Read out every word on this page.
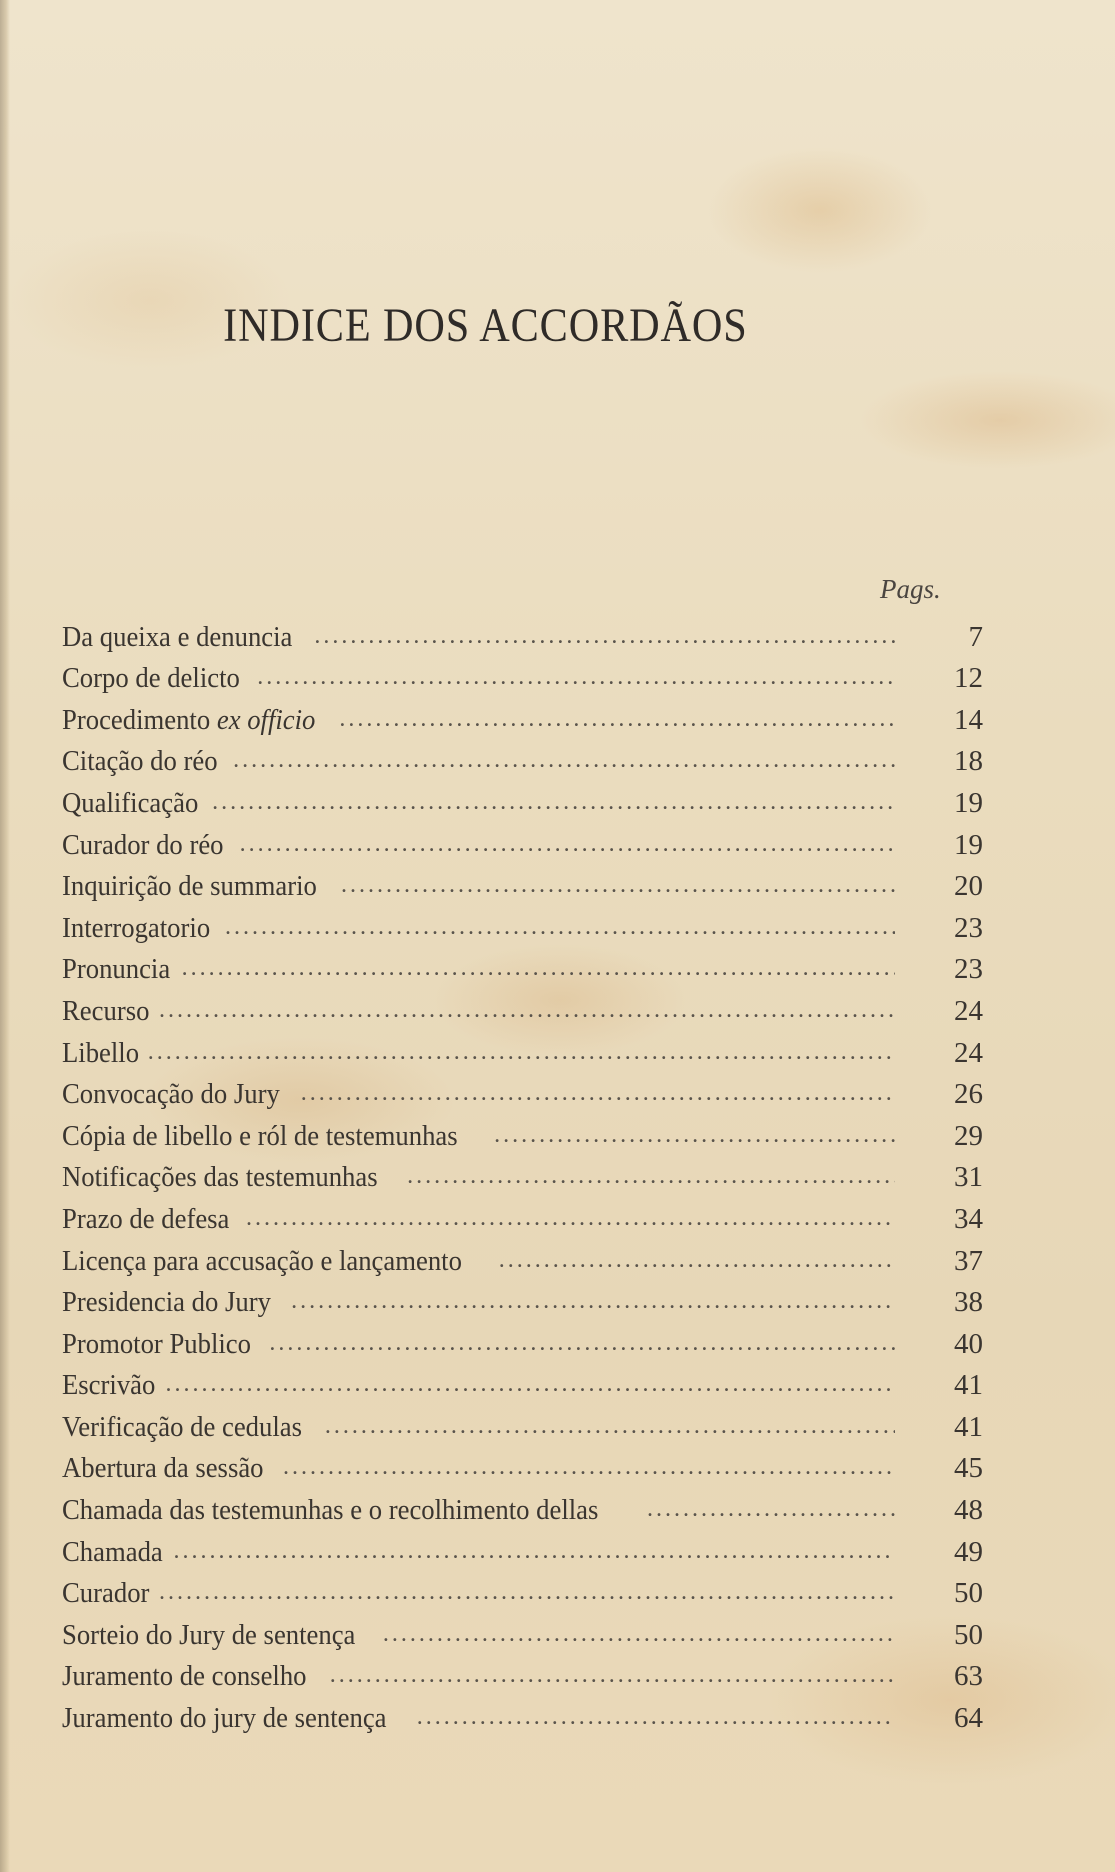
INDICE DOS ACCORDÃOS
Pags.
Da queixa e denuncia .....	7
Corpo de delicto .....	12
Procedimento ex officio .....	14
Citação do réo .....	18
Qualificação .....	19
Curador do réo .....	19
Inquirição de summario .....	20
Interrogatorio .....	23
Pronuncia .....	23
Recurso .....	24
Libello .....	24
Convocação do Jury .....	26
Cópia de libello e ról de testemunhas .....	29
Notificações das testemunhas .....	31
Prazo de defesa .....	34
Licença para accusação e lançamento .....	37
Presidencia do Jury .....	38
Promotor Publico .....	40
Escrivão .....	41
Verificação de cedulas .....	41
Abertura da sessão .....	45
Chamada das testemunhas e o recolhimento dellas .....	48
Chamada .....	49
Curador .....	50
Sorteio do Jury de sentença .....	50
Juramento de conselho .....	63
Juramento do jury de sentença .....	64
